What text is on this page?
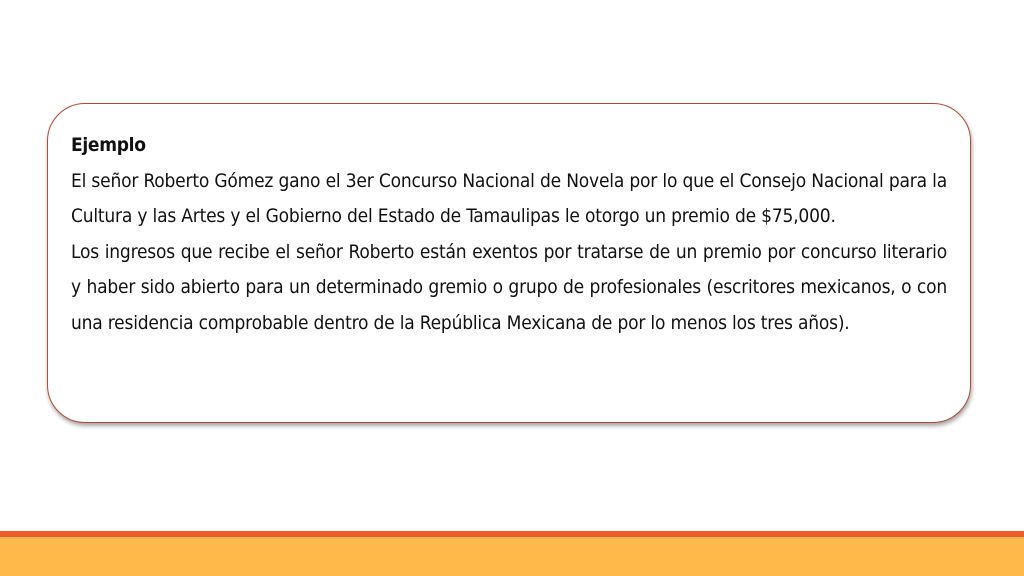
Ejemplo

El señor Roberto Gómez gano el 3er Concurso Nacional de Novela por lo que el Consejo Nacional para la Cultura y las Artes y el Gobierno del Estado de Tamaulipas le otorgo un premio de $75,000.

Los ingresos que recibe el señor Roberto están exentos por tratarse de un premio por concurso literario y haber sido abierto para un determinado gremio o grupo de profesionales (escritores mexicanos, o con una residencia comprobable dentro de la República Mexicana de por lo menos los tres años).
